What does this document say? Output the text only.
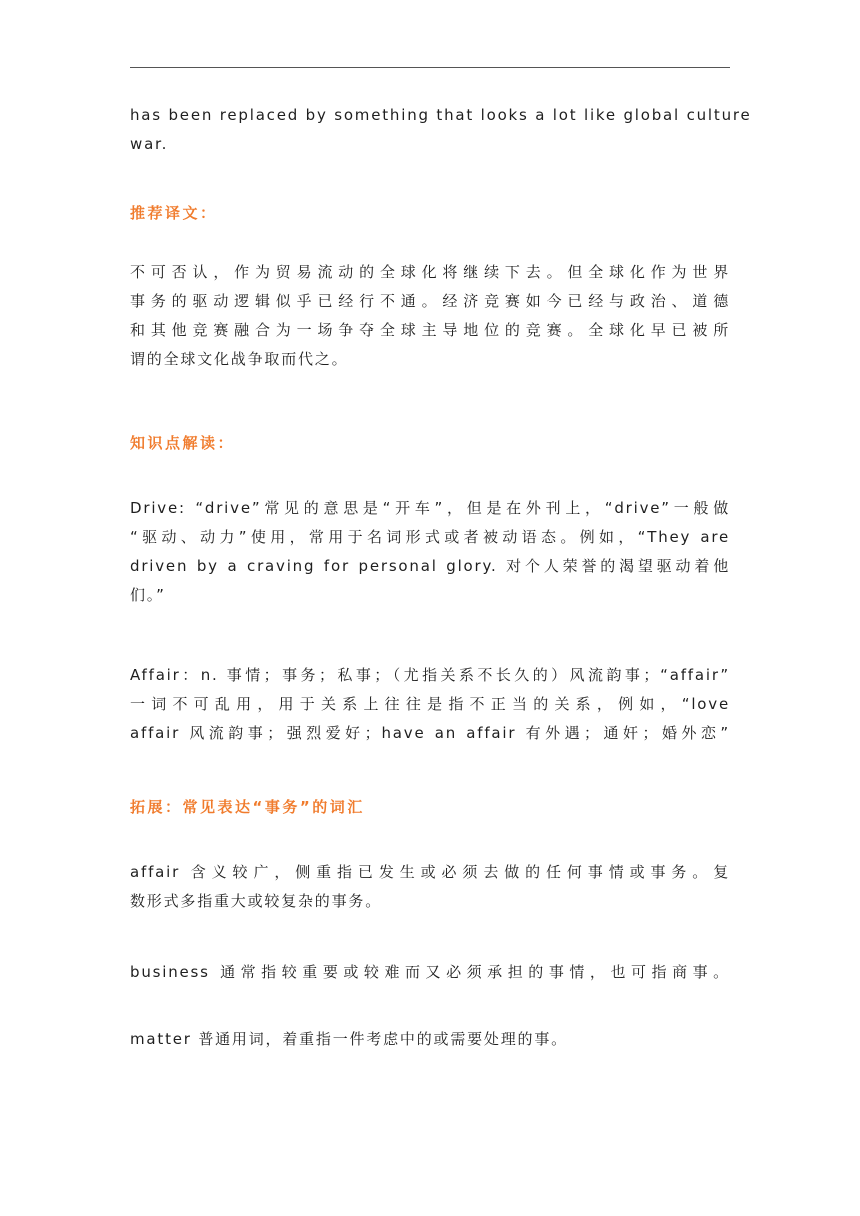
has been replaced by something that looks a lot like global culture
war.
推荐译文：
不可否认，作为贸易流动的全球化将继续下去。但全球化作为世界
事务的驱动逻辑似乎已经行不通。经济竞赛如今已经与政治、道德
和其他竞赛融合为一场争夺全球主导地位的竞赛。全球化早已被所
谓的全球文化战争取而代之。
知识点解读：
Drive: “drive”常见的意思是“开车”，但是在外刊上，“drive”一般做
“驱动、动力”使用，常用于名词形式或者被动语态。例如，“They are
driven by a craving for personal glory. 对个人荣誉的渴望驱动着他
们。”
Affair：n. 事情；事务；私事；（尤指关系不长久的）风流韵事；“affair”
一词不可乱用，用于关系上往往是指不正当的关系，例如，“love
affair 风流韵事；强烈爱好；have an affair 有外遇；通奸；婚外恋”
拓展：常见表达“事务”的词汇
affair 含义较广，侧重指已发生或必须去做的任何事情或事务。复
数形式多指重大或较复杂的事务。
business 通常指较重要或较难而又必须承担的事情，也可指商事。
matter 普通用词，着重指一件考虑中的或需要处理的事。
